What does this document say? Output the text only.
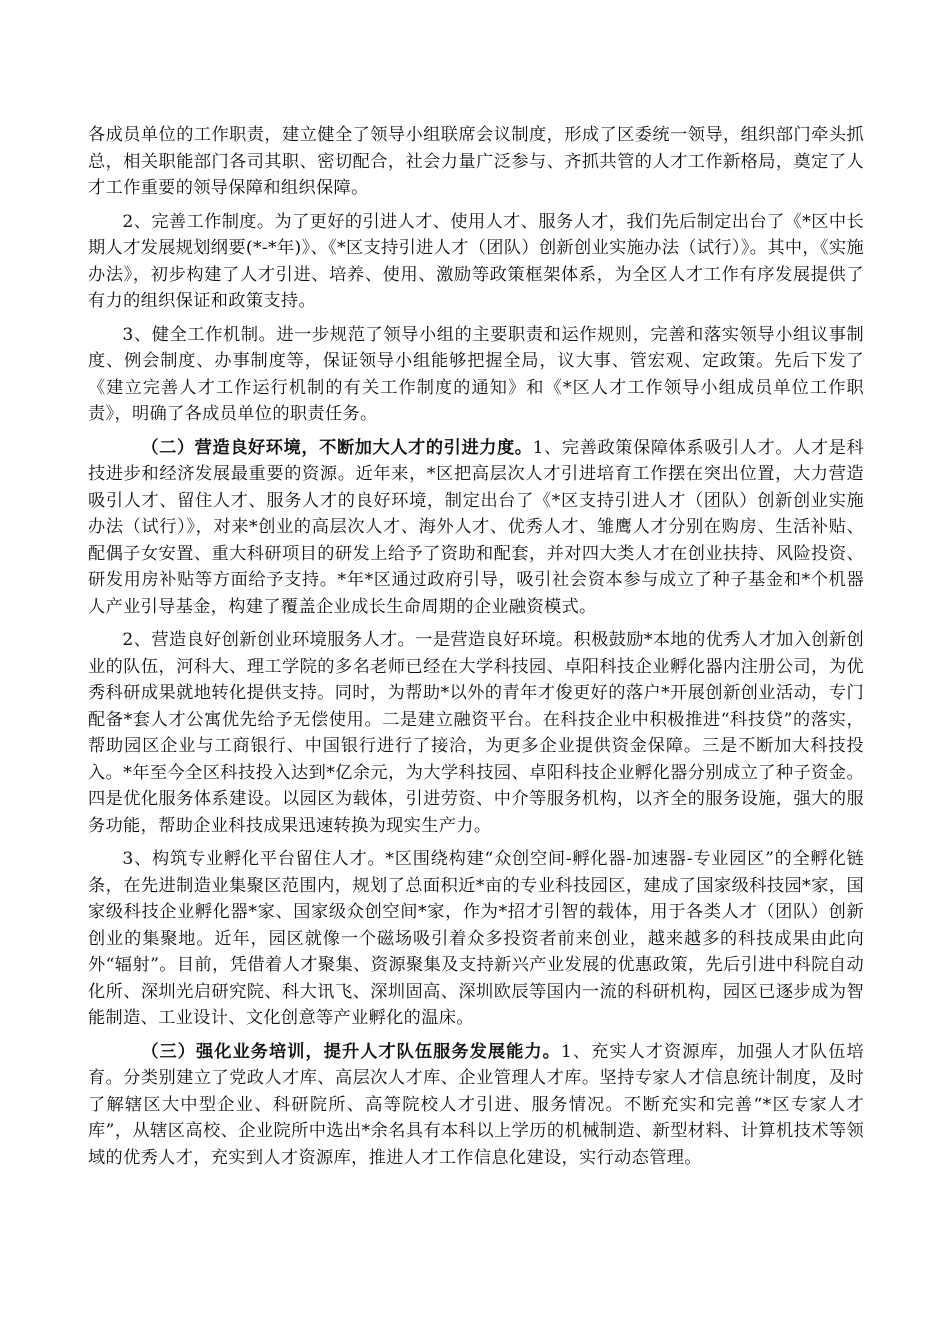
各成员单位的工作职责，建立健全了领导小组联席会议制度，形成了区委统一领导，组织部门牵头抓总，相关职能部门各司其职、密切配合，社会力量广泛参与、齐抓共管的人才工作新格局，奠定了人才工作重要的领导保障和组织保障。

2、完善工作制度。为了更好的引进人才、使用人才、服务人才，我们先后制定出台了《*区中长期人才发展规划纲要(*-*年)》、《*区支持引进人才（团队）创新创业实施办法（试行）》。其中，《实施办法》，初步构建了人才引进、培养、使用、激励等政策框架体系，为全区人才工作有序发展提供了有力的组织保证和政策支持。

3、健全工作机制。进一步规范了领导小组的主要职责和运作规则，完善和落实领导小组议事制度、例会制度、办事制度等，保证领导小组能够把握全局，议大事、管宏观、定政策。先后下发了《建立完善人才工作运行机制的有关工作制度的通知》和《*区人才工作领导小组成员单位工作职责》，明确了各成员单位的职责任务。

（二）营造良好环境，不断加大人才的引进力度。1、完善政策保障体系吸引人才。人才是科技进步和经济发展最重要的资源。近年来，*区把高层次人才引进培育工作摆在突出位置，大力营造吸引人才、留住人才、服务人才的良好环境，制定出台了《*区支持引进人才（团队）创新创业实施办法（试行）》，对来*创业的高层次人才、海外人才、优秀人才、雏鹰人才分别在购房、生活补贴、配偶子女安置、重大科研项目的研发上给予了资助和配套，并对四大类人才在创业扶持、风险投资、研发用房补贴等方面给予支持。*年*区通过政府引导，吸引社会资本参与成立了种子基金和*个机器人产业引导基金，构建了覆盖企业成长生命周期的企业融资模式。

2、营造良好创新创业环境服务人才。一是营造良好环境。积极鼓励*本地的优秀人才加入创新创业的队伍，河科大、理工学院的多名老师已经在大学科技园、卓阳科技企业孵化器内注册公司，为优秀科研成果就地转化提供支持。同时，为帮助*以外的青年才俊更好的落户*开展创新创业活动，专门配备*套人才公寓优先给予无偿使用。二是建立融资平台。在科技企业中积极推进“科技贷”的落实，帮助园区企业与工商银行、中国银行进行了接洽，为更多企业提供资金保障。三是不断加大科技投入。*年至今全区科技投入达到*亿余元，为大学科技园、卓阳科技企业孵化器分别成立了种子资金。四是优化服务体系建设。以园区为载体，引进劳资、中介等服务机构，以齐全的服务设施，强大的服务功能，帮助企业科技成果迅速转换为现实生产力。

3、构筑专业孵化平台留住人才。*区围绕构建“众创空间-孵化器-加速器-专业园区”的全孵化链条，在先进制造业集聚区范围内，规划了总面积近*亩的专业科技园区，建成了国家级科技园*家，国家级科技企业孵化器*家、国家级众创空间*家，作为*招才引智的载体，用于各类人才（团队）创新创业的集聚地。近年，园区就像一个磁场吸引着众多投资者前来创业，越来越多的科技成果由此向外“辐射”。目前，凭借着人才聚集、资源聚集及支持新兴产业发展的优惠政策，先后引进中科院自动化所、深圳光启研究院、科大讯飞、深圳固高、深圳欧辰等国内一流的科研机构，园区已逐步成为智能制造、工业设计、文化创意等产业孵化的温床。

（三）强化业务培训，提升人才队伍服务发展能力。1、充实人才资源库，加强人才队伍培育。分类别建立了党政人才库、高层次人才库、企业管理人才库。坚持专家人才信息统计制度，及时了解辖区大中型企业、科研院所、高等院校人才引进、服务情况。不断充实和完善“*区专家人才库”，从辖区高校、企业院所中选出*余名具有本科以上学历的机械制造、新型材料、计算机技术等领域的优秀人才，充实到人才资源库，推进人才工作信息化建设，实行动态管理。
